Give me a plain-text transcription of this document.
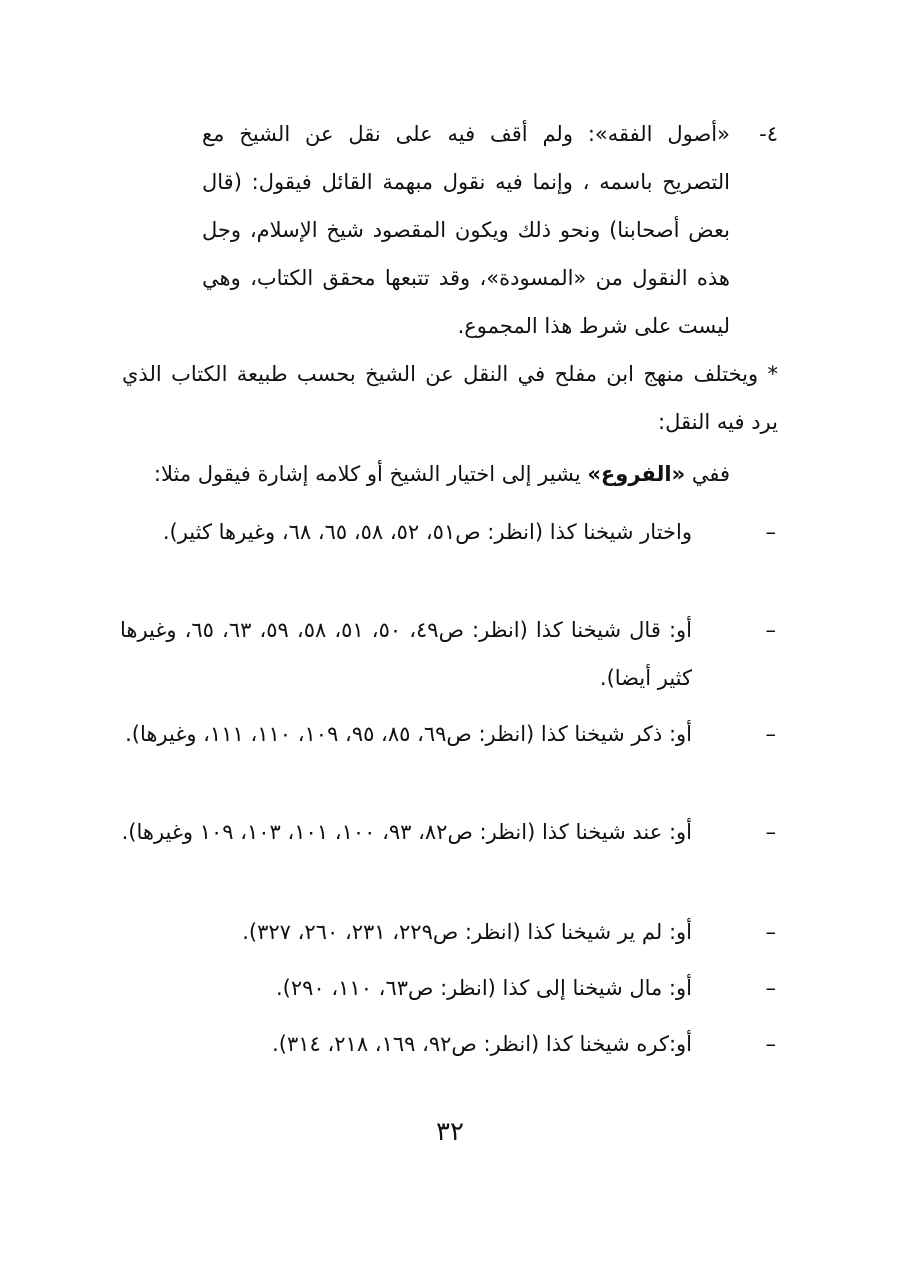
٤-

«أصول الفقه»: ولم أقف فيه على نقل عن الشيخ مع التصريح باسمه ، وإنما فيه نقول مبهمة القائل فيقول: (قال بعض أصحابنا) ونحو ذلك ويكون المقصود شيخ الإسلام، وجل هذه النقول من «المسودة»، وقد تتبعها محقق الكتاب، وهي ليست على شرط هذا المجموع.

* ويختلف منهج ابن مفلح في النقل عن الشيخ بحسب طبيعة الكتاب الذي يرد فيه النقل:

ففي «الفروع» يشير إلى اختيار الشيخ أو كلامه إشارة فيقول مثلا:

–

واختار شيخنا كذا (انظر: ص٥١، ٥٢، ٥٨، ٦٥، ٦٨، وغيرها كثير).

–

أو: قال شيخنا كذا (انظر: ص٤٩، ٥٠، ٥١، ٥٨، ٥٩، ٦٣، ٦٥، وغيرها كثير أيضا).

–

أو: ذكر شيخنا كذا (انظر: ص٦٩، ٨٥، ٩٥، ١٠٩، ١١٠، ١١١، وغيرها).

–

أو: عند شيخنا كذا (انظر: ص٨٢، ٩٣، ١٠٠، ١٠١، ١٠٣، ١٠٩ وغيرها).

–

أو: لم ير شيخنا كذا (انظر: ص٢٢٩، ٢٣١، ٢٦٠، ٣٢٧).

–

أو: مال شيخنا إلى كذا (انظر: ص٦٣، ١١٠، ٢٩٠).

–

أو:كره شيخنا كذا (انظر: ص٩٢، ١٦٩، ٢١٨، ٣١٤).

٣٢
